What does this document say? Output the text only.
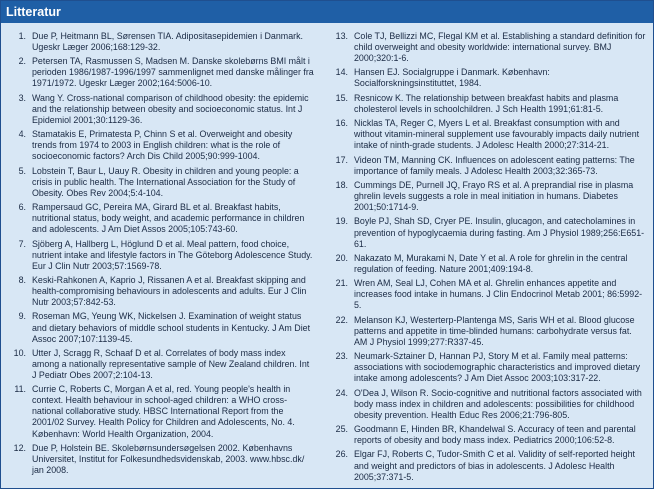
Litteratur
1. Due P, Heitmann BL, Sørensen TIA. Adipositasepidemien i Danmark. Ugeskr Læger 2006;168:129-32.
2. Petersen TA, Rasmussen S, Madsen M. Danske skolebørns BMI målt i perioden 1986/1987-1996/1997 sammenlignet med danske målinger fra 1971/1972. Ugeskr Læger 2002;164:5006-10.
3. Wang Y. Cross-national comparison of childhood obesity: the epidemic and the relationship between obesity and socioeconomic status. Int J Epidemiol 2001;30:1129-36.
4. Stamatakis E, Primatesta P, Chinn S et al. Overweight and obesity trends from 1974 to 2003 in English children: what is the role of socioeconomic factors? Arch Dis Child 2005;90:999-1004.
5. Lobstein T, Baur L, Uauy R. Obesity in children and young people: a crisis in public health. The International Association for the Study of Obesity. Obes Rev 2004;5:4-104.
6. Rampersaud GC, Pereira MA, Girard BL et al. Breakfast habits, nutritional status, body weight, and academic performance in children and adolescents. J Am Diet Assos 2005;105:743-60.
7. Sjöberg A, Hallberg L, Höglund D et al. Meal pattern, food choice, nutrient intake and lifestyle factors in The Göteborg Adolescence Study. Eur J Clin Nutr 2003;57:1569-78.
8. Keski-Rahkonen A, Kaprio J, Rissanen A et al. Breakfast skipping and health-compromising behaviours in adolescents and adults. Eur J Clin Nutr 2003;57:842-53.
9. Roseman MG, Yeung WK, Nickelsen J. Examination of weight status and dietary behaviors of middle school students in Kentucky. J Am Diet Assoc 2007;107:1139-45.
10. Utter J, Scragg R, Schaaf D et al. Correlates of body mass index among a nationally representative sample of New Zealand children. Int J Pediatr Obes 2007;2:104-13.
11. Currie C, Roberts C, Morgan A et al, red. Young people's health in context. Health behaviour in school-aged children: a WHO cross-national collaborative study. HBSC International Report from the 2001/02 Survey. Health Policy for Children and Adolescents, No. 4. København: World Health Organization, 2004.
12. Due P, Holstein BE. Skolebørnsundersøgelsen 2002. Københavns Universitet, Institut for Folkesundhedsvidenskab, 2003. www.hbsc.dk/ jan 2008.
13. Cole TJ, Bellizzi MC, Flegal KM et al. Establishing a standard definition for child overweight and obesity worldwide: international survey. BMJ 2000;320:1-6.
14. Hansen EJ. Socialgruppe i Danmark. København: Socialforskningsinstituttet, 1984.
15. Resnicow K. The relationship between breakfast habits and plasma cholesterol levels in schoolchildren. J Sch Health 1991;61:81-5.
16. Nicklas TA, Reger C, Myers L et al. Breakfast consumption with and without vitamin-mineral supplement use favourably impacts daily nutrient intake of ninth-grade students. J Adolesc Health 2000;27:314-21.
17. Videon TM, Manning CK. Influences on adolescent eating patterns: The importance of family meals. J Adolesc Health 2003;32:365-73.
18. Cummings DE, Purnell JQ, Frayo RS et al. A preprandial rise in plasma ghrelin levels suggests a role in meal initiation in humans. Diabetes 2001;50:1714-9.
19. Boyle PJ, Shah SD, Cryer PE. Insulin, glucagon, and catecholamines in prevention of hypoglycaemia during fasting. Am J Physiol 1989;256:E651-61.
20. Nakazato M, Murakami N, Date Y et al. A role for ghrelin in the central regulation of feeding. Nature 2001;409:194-8.
21. Wren AM, Seal LJ, Cohen MA et al. Ghrelin enhances appetite and increases food intake in humans. J Clin Endocrinol Metab 2001; 86:5992-5.
22. Melanson KJ, Westerterp-Plantenga MS, Saris WH et al. Blood glucose patterns and appetite in time-blinded humans: carbohydrate versus fat. AM J Physiol 1999;277:R337-45.
23. Neumark-Sztainer D, Hannan PJ, Story M et al. Family meal patterns: associations with sociodemographic characteristics and improved dietary intake among adolescents? J Am Diet Assoc 2003;103:317-22.
24. O'Dea J, Wilson R. Socio-cognitive and nutritional factors associated with body mass index in children and adolescents: possibilities for childhood obesity prevention. Health Educ Res 2006;21:796-805.
25. Goodmann E, Hinden BR, Khandelwal S. Accuracy of teen and parental reports of obesity and body mass index. Pediatrics 2000;106:52-8.
26. Elgar FJ, Roberts C, Tudor-Smith C et al. Validity of self-reported height and weight and predictors of bias in adolescents. J Adolesc Health 2005;37:371-5.
